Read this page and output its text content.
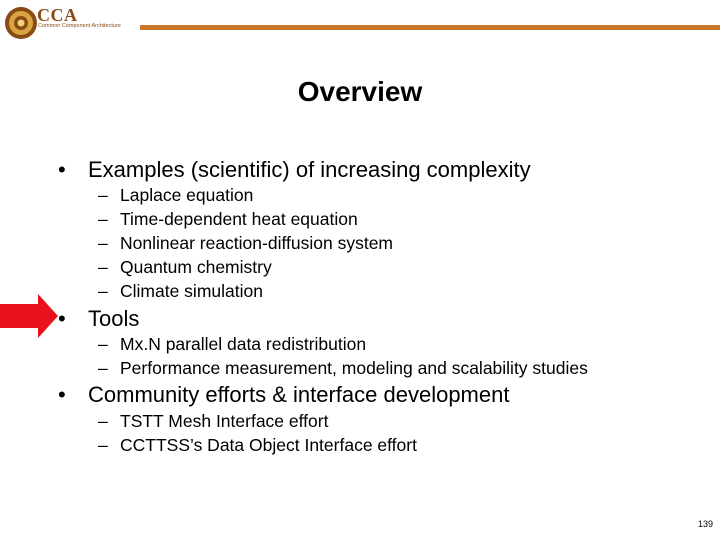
CCA
Common Component Architecture
Overview
• Examples (scientific) of increasing complexity
– Laplace equation
– Time-dependent heat equation
– Nonlinear reaction-diffusion system
– Quantum chemistry
– Climate simulation
• Tools
– Mx.N parallel data redistribution
– Performance measurement, modeling and scalability studies
• Community efforts & interface development
– TSTT Mesh Interface effort
– CCTTSS’s Data Object Interface effort
139
